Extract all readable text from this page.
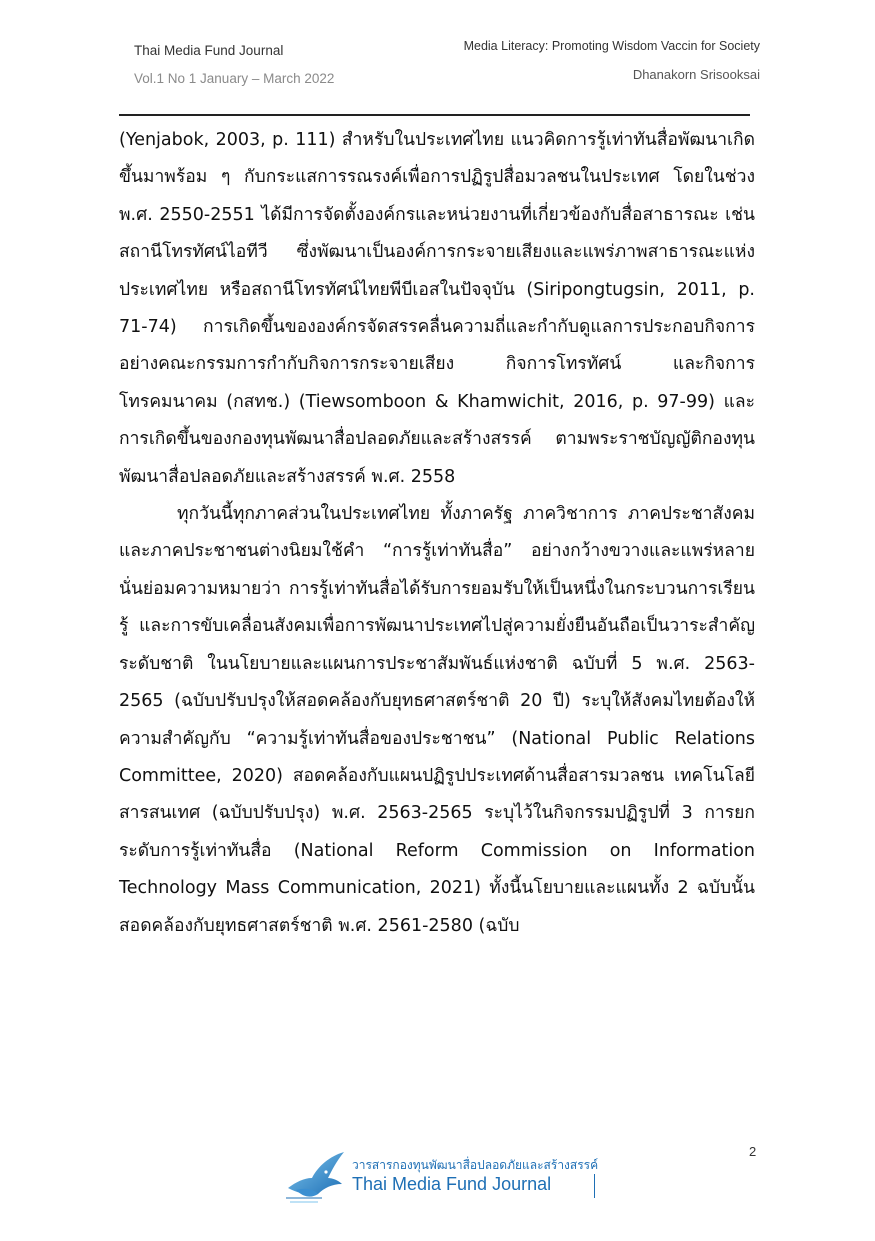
Thai Media Fund Journal
Vol.1 No 1 January – March 2022
Media Literacy: Promoting Wisdom Vaccin for Society
Dhanakorn Srisooksai

(Yenjabok, 2003, p. 111) สำหรับในประเทศไทย แนวคิดการรู้เท่าทันสื่อพัฒนาเกิดขึ้นมาพร้อม ๆ กับกระแสการรณรงค์เพื่อการปฏิรูปสื่อมวลชนในประเทศ โดยในช่วง พ.ศ. 2550-2551 ได้มีการจัดตั้งองค์กรและหน่วยงานที่เกี่ยวข้องกับสื่อสาธารณะ เช่น สถานีโทรทัศน์ไอทีวี ซึ่งพัฒนาเป็นองค์การกระจายเสียงและแพร่ภาพสาธารณะแห่งประเทศไทย หรือสถานีโทรทัศน์ไทยพีบีเอสในปัจจุบัน (Siripongtugsin, 2011, p. 71-74) การเกิดขึ้นขององค์กรจัดสรรคลื่นความถี่และกำกับดูแลการประกอบกิจการอย่างคณะกรรมการกำกับกิจการกระจายเสียง กิจการโทรทัศน์ และกิจการโทรคมนาคม (กสทช.) (Tiewsomboon & Khamwichit, 2016, p. 97-99) และการเกิดขึ้นของกองทุนพัฒนาสื่อปลอดภัยและสร้างสรรค์ ตามพระราชบัญญัติกองทุนพัฒนาสื่อปลอดภัยและสร้างสรรค์ พ.ศ. 2558

ทุกวันนี้ทุกภาคส่วนในประเทศไทย ทั้งภาครัฐ ภาควิชาการ ภาคประชาสังคม และภาคประชาชนต่างนิยมใช้คำ “การรู้เท่าทันสื่อ” อย่างกว้างขวางและแพร่หลาย นั่นย่อมความหมายว่า การรู้เท่าทันสื่อได้รับการยอมรับให้เป็นหนึ่งในกระบวนการเรียนรู้ และการขับเคลื่อนสังคมเพื่อการพัฒนาประเทศไปสู่ความยั่งยืนอันถือเป็นวาระสำคัญระดับชาติ ในนโยบายและแผนการประชาสัมพันธ์แห่งชาติ ฉบับที่ 5 พ.ศ. 2563-2565 (ฉบับปรับปรุงให้สอดคล้องกับยุทธศาสตร์ชาติ 20 ปี) ระบุให้สังคมไทยต้องให้ความสำคัญกับ “ความรู้เท่าทันสื่อของประชาชน” (National Public Relations Committee, 2020) สอดคล้องกับแผนปฏิรูปประเทศด้านสื่อสารมวลชน เทคโนโลยีสารสนเทศ (ฉบับปรับปรุง) พ.ศ. 2563-2565 ระบุไว้ในกิจกรรมปฏิรูปที่ 3 การยกระดับการรู้เท่าทันสื่อ (National Reform Commission on Information Technology Mass Communication, 2021) ทั้งนี้นโยบายและแผนทั้ง 2 ฉบับนั้นสอดคล้องกับยุทธศาสตร์ชาติ พ.ศ. 2561-2580 (ฉบับ

2
วารสารกองทุนพัฒนาสื่อปลอดภัยและสร้างสรรค์
Thai Media Fund Journal
